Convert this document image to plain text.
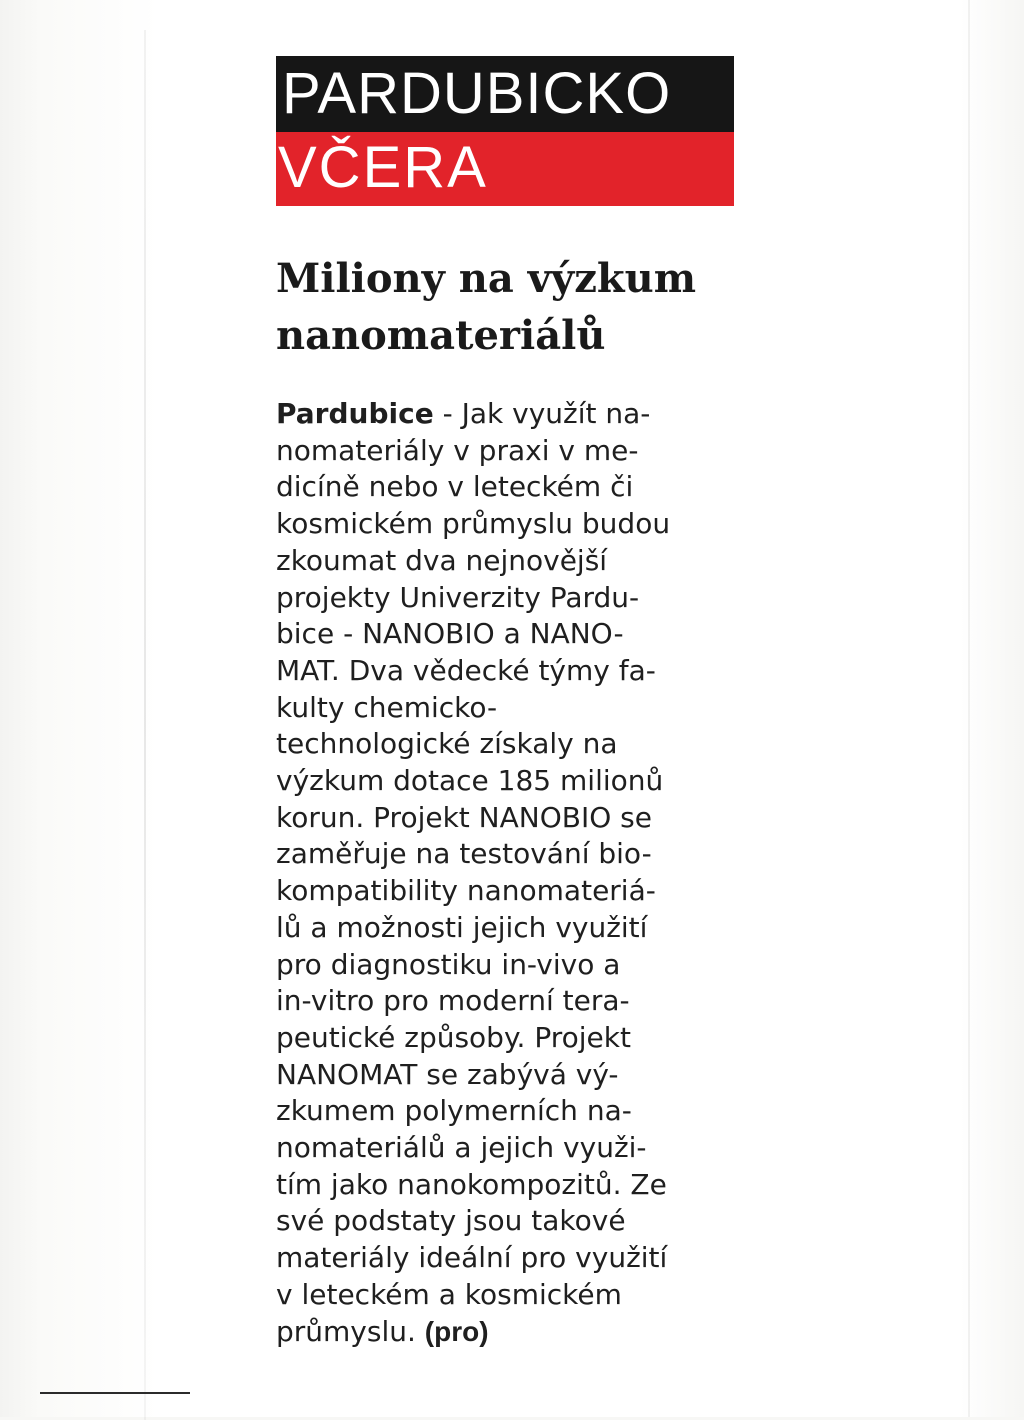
PARDUBICKO
VČERA
Miliony na výzkum
nanomateriálů
Pardubice - Jak využít na-
nomateriály v praxi v me-
dicíně nebo v leteckém či
kosmickém průmyslu budou
zkoumat dva nejnovější
projekty Univerzity Pardu-
bice - NANOBIO a NANO-
MAT. Dva vědecké týmy fa-
kulty chemicko-
technologické získaly na
výzkum dotace 185 milionů
korun. Projekt NANOBIO se
zaměřuje na testování bio-
kompatibility nanomateriá-
lů a možnosti jejich využití
pro diagnostiku in-vivo a
in-vitro pro moderní tera-
peutické způsoby. Projekt
NANOMAT se zabývá vý-
zkumem polymerních na-
nomateriálů a jejich využi-
tím jako nanokompozitů. Ze
své podstaty jsou takové
materiály ideální pro využití
v leteckém a kosmickém
průmyslu. (pro)
